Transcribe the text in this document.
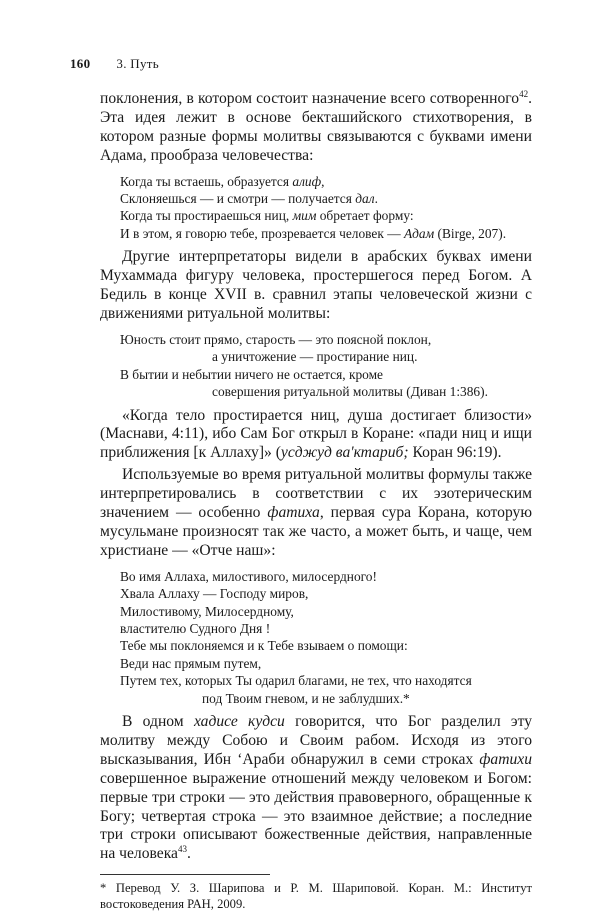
160 3. Путь

поклонения, в котором состоит назначение всего сотворенного$^{42}$. Эта идея лежит в основе бекташийского стихотворения, в котором разные формы молитвы связываются с буквами имени Адама, прообраза человечества:

Когда ты встаешь, образуется алиф,
Склоняешься — и смотри — получается дал.
Когда ты простираешься ниц, мим обретает форму:
И в этом, я говорю тебе, прозревается человек — Адам (Birge, 207).

Другие интерпретаторы видели в арабских буквах имени Мухаммада фигуру человека, простершегося перед Богом. А Бедиль в конце XVII в. сравнил этапы человеческой жизни с движениями ритуальной молитвы:

Юность стоит прямо, старость — это поясной поклон,
а уничтожение — простирание ниц.
В бытии и небытии ничего не остается, кроме
совершения ритуальной молитвы (Диван 1:386).

«Когда тело простирается ниц, душа достигает близости» (Маснави, 4:11), ибо Сам Бог открыл в Коране: «пади ниц и ищи приближения [к Аллаху]» (усджуд ва'ктариб; Коран 96:19).

Используемые во время ритуальной молитвы формулы также интерпретировались в соответствии с их эзотерическим значением — особенно фатиха, первая сура Корана, которую мусульмане произносят так же часто, а может быть, и чаще, чем христиане — «Отче наш»:

Во имя Аллаха, милостивого, милосердного!
Хвала Аллаху — Господу миров,
Милостивому, Милосердному,
властителю Судного Дня !
Тебе мы поклоняемся и к Тебе взываем о помощи:
Веди нас прямым путем,
Путем тех, которых Ты одарил благами, не тех, что находятся
под Твоим гневом, и не заблудших.*

В одном хадисе кудси говорится, что Бог разделил эту молитву между Собою и Своим рабом. Исходя из этого высказывания, Ибн ʻАраби обнаружил в семи строках фатихи совершенное выражение отношений между человеком и Богом: первые три строки — это действия правоверного, обращенные к Богу; четвертая строка — это взаимное действие; а последние три строки описывают божественные действия, направленные на человека$^{43}$.

* Перевод У. З. Шарипова и Р. М. Шариповой. Коран. М.: Институт востоковедения РАН, 2009.
